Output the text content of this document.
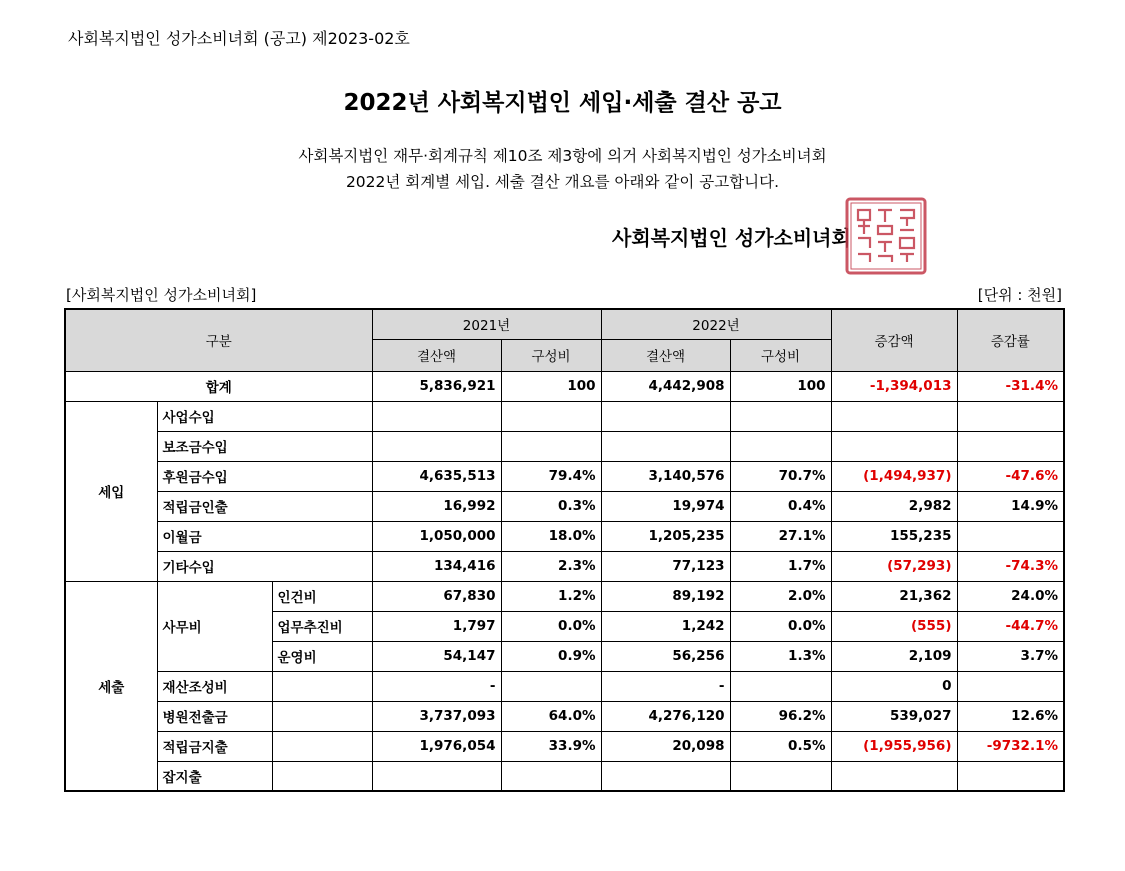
사회복지법인 성가소비녀회 (공고) 제2023-02호
2022년 사회복지법인 세입·세출 결산 공고
사회복지법인 재무·회계규칙 제10조 제3항에 의거 사회복지법인 성가소비녀회
2022년 회계별 세입. 세출 결산 개요를 아래와 같이 공고합니다.
사회복지법인 성가소비녀회
[사회복지법인 성가소비녀회]	[단위 : 천원]
구분			2021년		2022년		증감액	증감률
			결산액	구성비	결산액	구성비		
합계			5,836,921	100	4,442,908	100	-1,394,013	-31.4%
세입	사업수입							
	보조금수입							
	후원금수입		4,635,513	79.4%	3,140,576	70.7%	(1,494,937)	-47.6%
	적립금인출		16,992	0.3%	19,974	0.4%	2,982	14.9%
	이월금		1,050,000	18.0%	1,205,235	27.1%	155,235	
	기타수입		134,416	2.3%	77,123	1.7%	(57,293)	-74.3%
세출	사무비	인건비	67,830	1.2%	89,192	2.0%	21,362	24.0%
		업무추진비	1,797	0.0%	1,242	0.0%	(555)	-44.7%
		운영비	54,147	0.9%	56,256	1.3%	2,109	3.7%
	재산조성비		-		-		0	
	병원전출금		3,737,093	64.0%	4,276,120	96.2%	539,027	12.6%
	적립금지출		1,976,054	33.9%	20,098	0.5%	(1,955,956)	-9732.1%
	잡지출							
